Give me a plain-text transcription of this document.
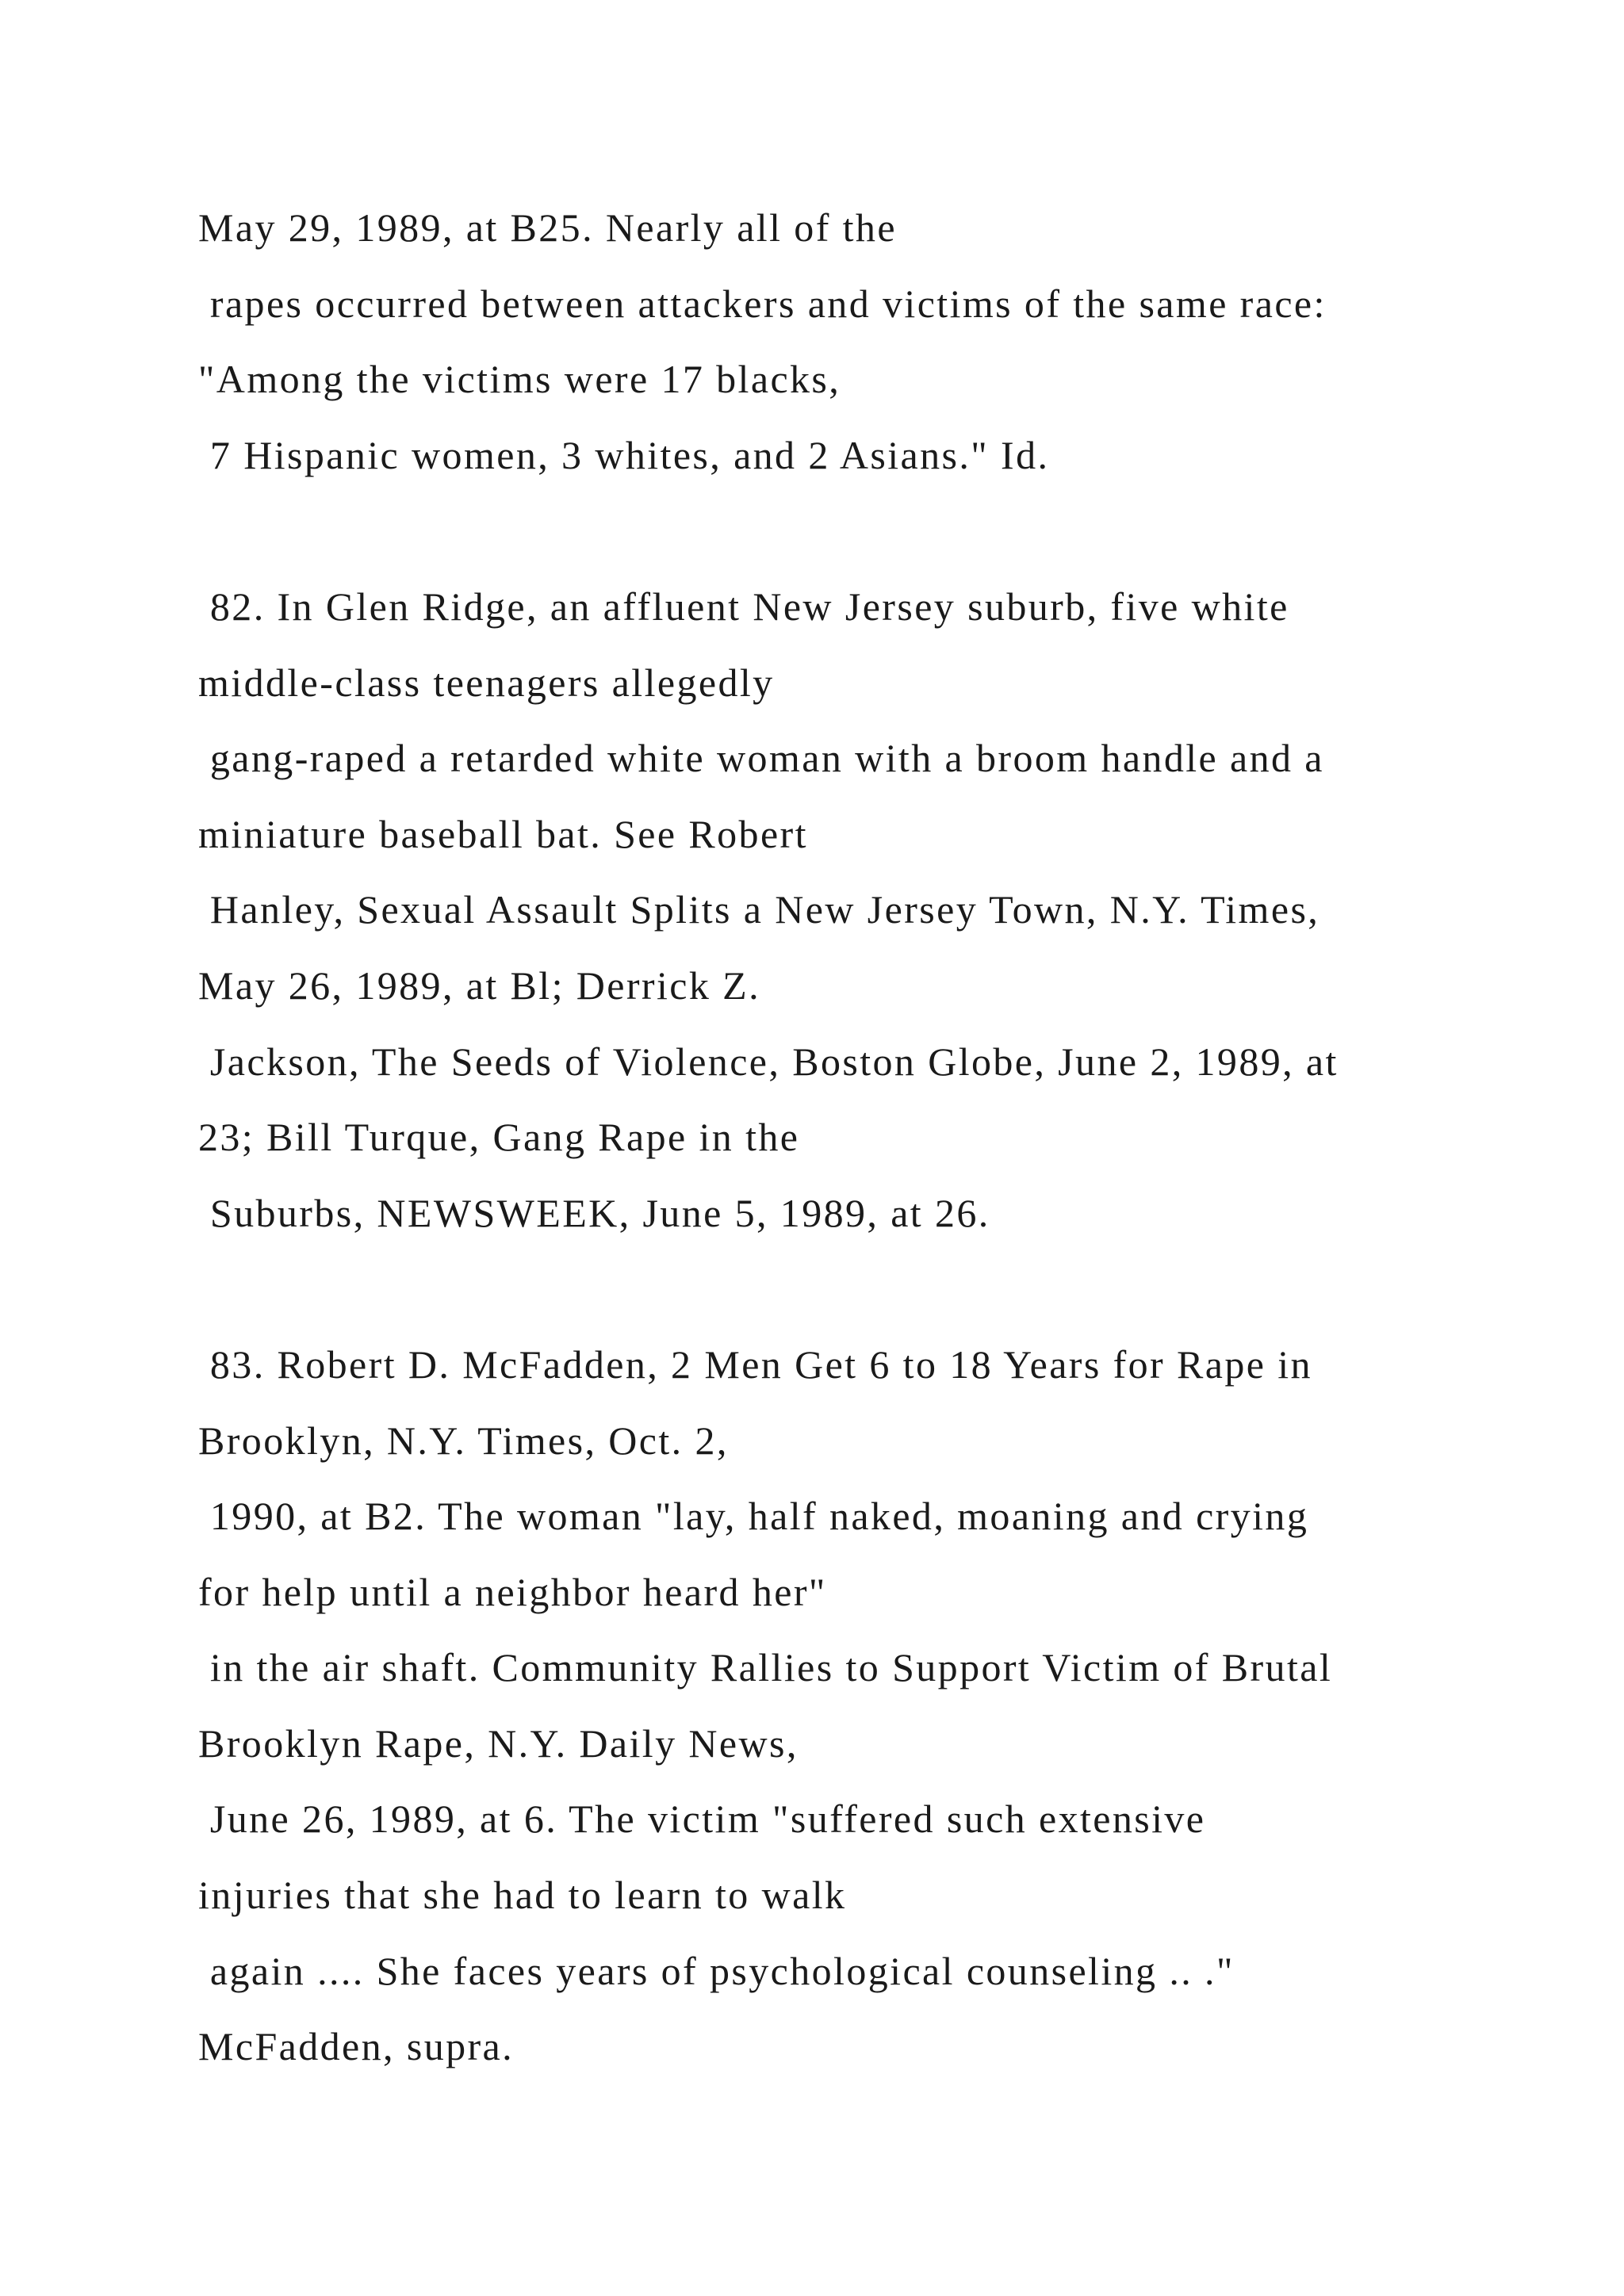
May 29, 1989, at B25. Nearly all of the
rapes occurred between attackers and victims of the same race:
"Among the victims were 17 blacks,
7 Hispanic women, 3 whites, and 2 Asians." Id.
82. In Glen Ridge, an affluent New Jersey suburb, five white
middle-class teenagers allegedly
gang-raped a retarded white woman with a broom handle and a
miniature baseball bat. See Robert
Hanley, Sexual Assault Splits a New Jersey Town, N.Y. Times,
May 26, 1989, at Bl; Derrick Z.
Jackson, The Seeds of Violence, Boston Globe, June 2, 1989, at
23; Bill Turque, Gang Rape in the
Suburbs, NEWSWEEK, June 5, 1989, at 26.
83. Robert D. McFadden, 2 Men Get 6 to 18 Years for Rape in
Brooklyn, N.Y. Times, Oct. 2,
1990, at B2. The woman "lay, half naked, moaning and crying
for help until a neighbor heard her"
in the air shaft. Community Rallies to Support Victim of Brutal
Brooklyn Rape, N.Y. Daily News,
June 26, 1989, at 6. The victim "suffered such extensive
injuries that she had to learn to walk
again .... She faces years of psychological counseling .. ."
McFadden, supra.
